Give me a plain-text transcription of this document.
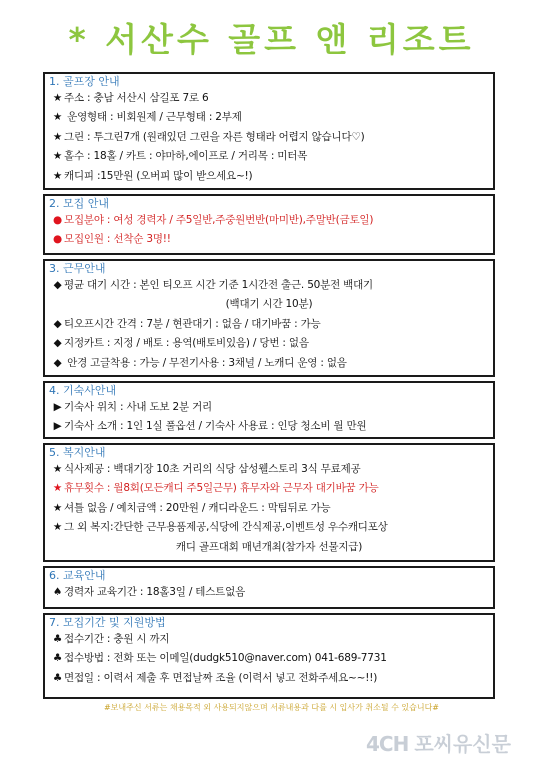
* 서산수 골프 앤 리조트
1. 골프장 안내
★ 주소 : 충남 서산시 삼길포 7로 6
★ 운영형태 : 비회원제 / 근무형태 : 2부제
★ 그린 : 투그린7개 (원래있던 그린을 자른 형태라 어렵지 않습니다♡)
★ 홀수 : 18홀 / 카트 : 야마하,에이프로 / 거리목 : 미터목
★ 캐디피 :15만원 (오버피 많이 받으세요~!)
2. 모집 안내
● 모집분야 : 여성 경력자 / 주5일반,주중원번반(마미반),주말반(금토일)
● 모집인원 : 선착순 3명!!
3. 근무안내
◆ 평균 대기 시간 : 본인 티오프 시간 기준 1시간전 출근. 50분전 백대기
(백대기 시간 10분)
◆ 티오프시간 간격 : 7분 / 현관대기 : 없음 / 대기바꿈 : 가능
◆ 지정카트 : 지정 / 배토 : 용역(배토비있음) / 당번 : 없음
◆ 안경 고글착용 : 가능 / 무전기사용 : 3채널 / 노캐디 운영 : 없음
4. 기숙사안내
▶ 기숙사 위치 : 사내 도보 2분 거리
▶ 기숙사 소개 : 1인 1실 풀옵션 / 기숙사 사용료 : 인당 청소비 월 만원
5. 복지안내
★ 식사제공 : 백대기장 10초 거리의 식당 삼성웰스토리 3식 무료제공
★ 휴무횟수 : 월8회(모든캐디 주5일근무) 휴무자와 근무자 대기바꿈 가능
★ 셔틀 없음 / 예치금액 : 20만원 / 캐디라운드 : 막팀뒤로 가능
★ 그 외 복지:간단한 근무용품제공,식당에 간식제공,이벤트성 우수캐디포상
캐디 골프대회 매년개최(참가자 선물지급)
6. 교육안내
♠ 경력자 교육기간 : 18홀3일 / 테스트없음
7. 모집기간 및 지원방법
♣ 접수기간 : 충원 시 까지
♣ 접수방법 : 전화 또는 이메일(dudgk510@naver.com) 041-689-7731
♣ 면접일 : 이력서 제출 후 면접날짜 조율 (이력서 넣고 전화주세요~~!!)
#보내주신 서류는 채용목적 외 사용되지않으며 서류내용과 다를 시 입사가 취소될 수 있습니다#
4CH 포씨유신문
